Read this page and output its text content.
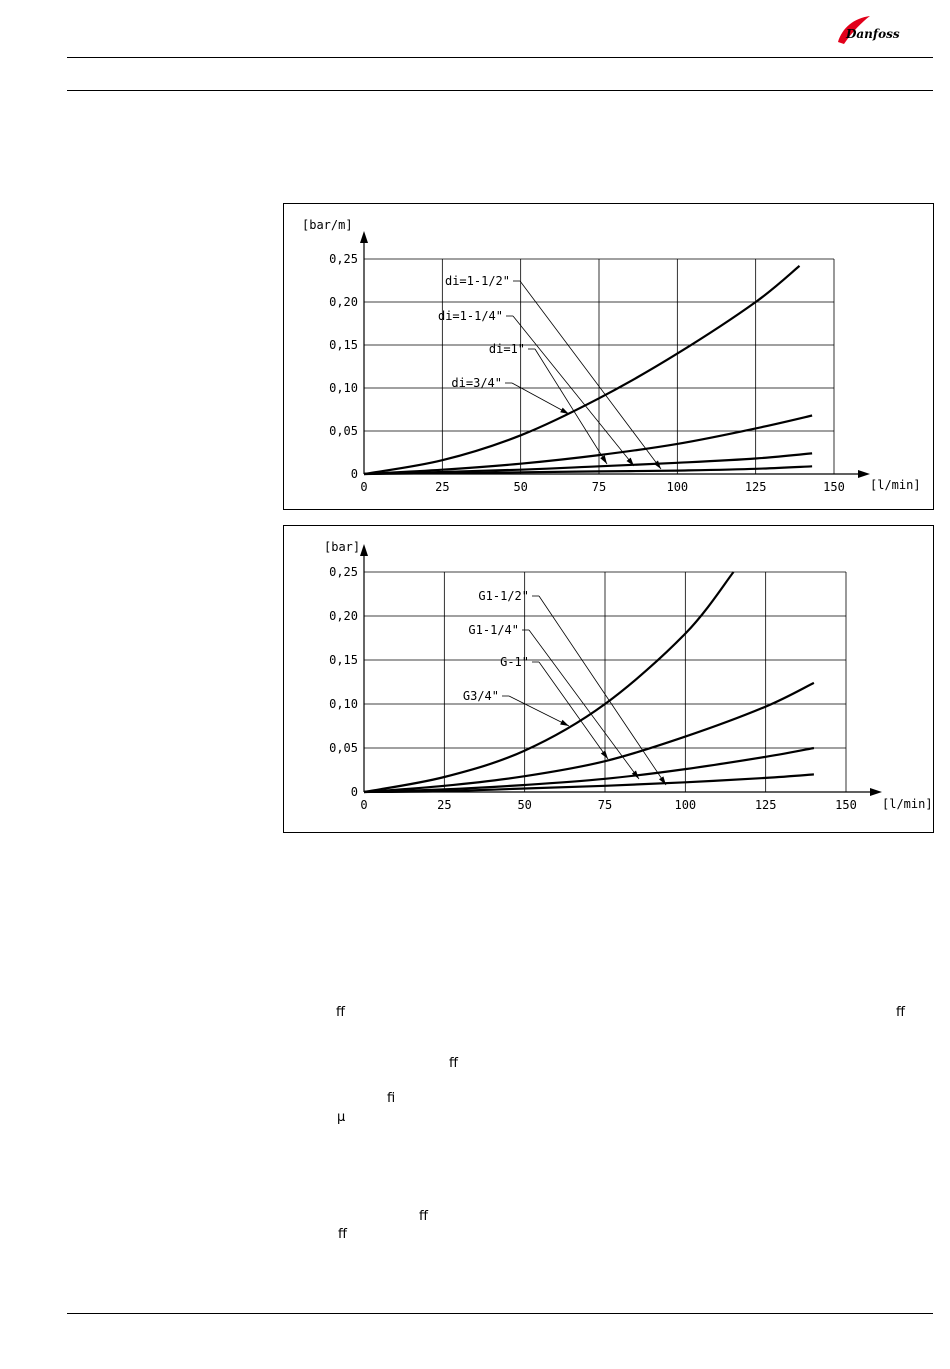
Danfoss
0	25	50	75	100	125	150
0
0,05
0,10
0,15
0,20
0,25
[l/min]
[bar/m]
di=3/4"
di=1"
di=1-1/4"
di=1-1/2"
0	25	50	75	100	125	150
0
0,05
0,10
0,15
0,20
0,25
[l/min]
[bar]
G3/4"
G-1"
G1-1/4"
G1-1/2"
ff	ff
ff
fi
µ
ff
ff
